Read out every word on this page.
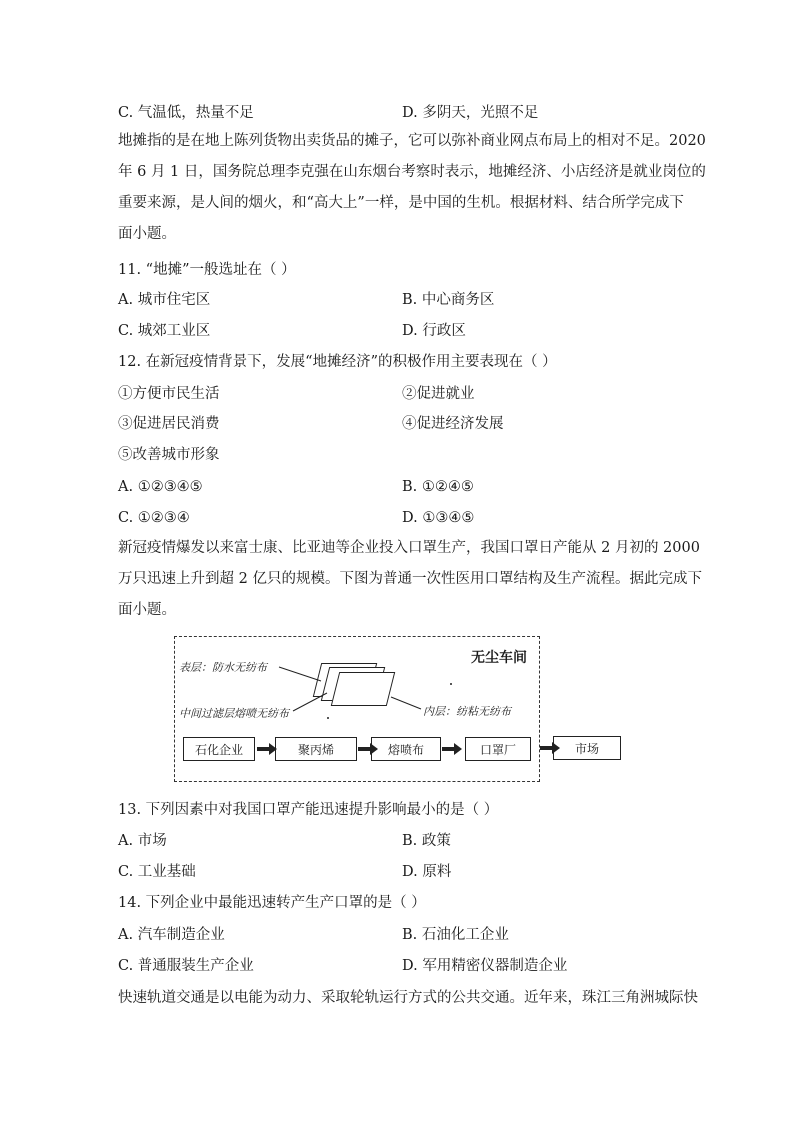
C. 气温低，热量不足	D. 多阴天，光照不足
地摊指的是在地上陈列货物出卖货品的摊子，它可以弥补商业网点布局上的相对不足。2020
年 6 月 1 日，国务院总理李克强在山东烟台考察时表示，地摊经济、小店经济是就业岗位的
重要来源，是人间的烟火，和“高大上”一样，是中国的生机。根据材料、结合所学完成下
面小题。
11. “地摊”一般选址在（ ）
A. 城市住宅区	B. 中心商务区
C. 城郊工业区	D. 行政区
12. 在新冠疫情背景下，发展“地摊经济”的积极作用主要表现在（ ）
①方便市民生活	②促进就业
③促进居民消费	④促进经济发展
⑤改善城市形象
A. ①②③④⑤	B. ①②④⑤
C. ①②③④	D. ①③④⑤
新冠疫情爆发以来富士康、比亚迪等企业投入口罩生产，我国口罩日产能从 2 月初的 2000
万只迅速上升到超 2 亿只的规模。下图为普通一次性医用口罩结构及生产流程。据此完成下
面小题。
无尘车间
表层：防水无纺布
中间过滤层熔喷无纺布	内层：纺粘无纺布
石化企业	聚丙烯	熔喷布	口罩厂	市场
13. 下列因素中对我国口罩产能迅速提升影响最小的是（ ）
A. 市场	B. 政策
C. 工业基础	D. 原料
14. 下列企业中最能迅速转产生产口罩的是（ ）
A. 汽车制造企业	B. 石油化工企业
C. 普通服装生产企业	D. 军用精密仪器制造企业
快速轨道交通是以电能为动力、采取轮轨运行方式的公共交通。近年来，珠江三角洲城际快
